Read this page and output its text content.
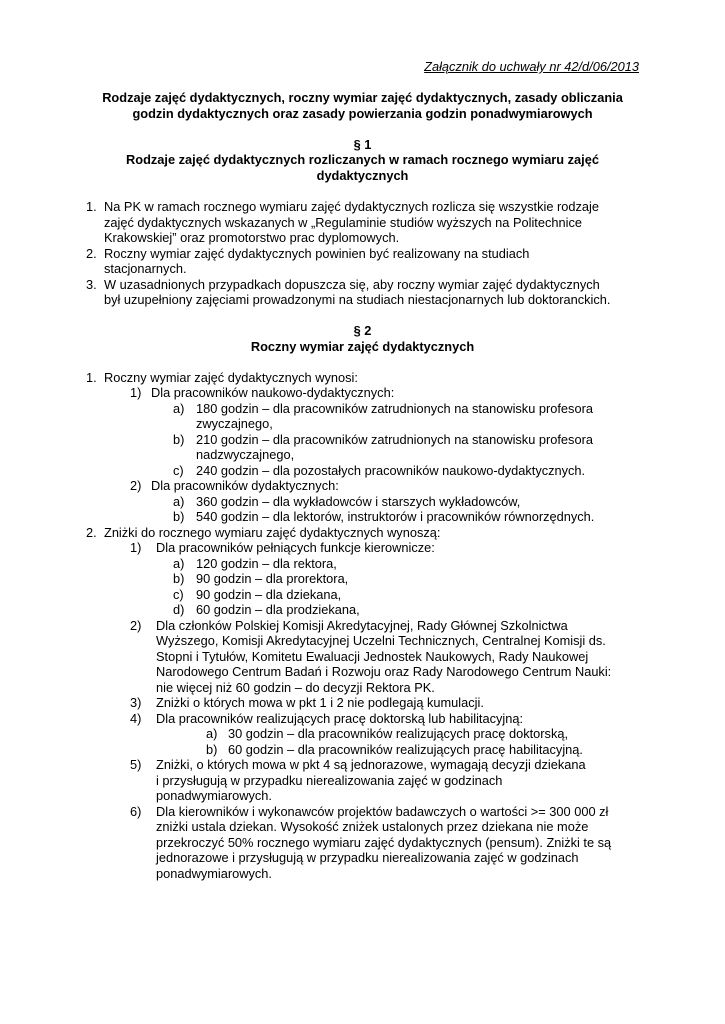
Załącznik do uchwały nr 42/d/06/2013
Rodzaje zajęć dydaktycznych, roczny wymiar zajęć dydaktycznych, zasady obliczania
godzin dydaktycznych oraz zasady powierzania godzin ponadwymiarowych
§ 1
Rodzaje zajęć dydaktycznych rozliczanych w ramach rocznego wymiaru zajęć
dydaktycznych
1. Na PK w ramach rocznego wymiaru zajęć dydaktycznych rozlicza się wszystkie rodzaje
zajęć dydaktycznych wskazanych w „Regulaminie studiów wyższych na Politechnice
Krakowskiej” oraz promotorstwo prac dyplomowych.
2. Roczny wymiar zajęć dydaktycznych powinien być realizowany na studiach
stacjonarnych.
3. W uzasadnionych przypadkach dopuszcza się, aby roczny wymiar zajęć dydaktycznych
był uzupełniony zajęciami prowadzonymi na studiach niestacjonarnych lub doktoranckich.
§ 2
Roczny wymiar zajęć dydaktycznych
1. Roczny wymiar zajęć dydaktycznych wynosi:
1) Dla pracowników naukowo-dydaktycznych:
a) 180 godzin – dla pracowników zatrudnionych na stanowisku profesora
zwyczajnego,
b) 210 godzin – dla pracowników zatrudnionych na stanowisku profesora
nadzwyczajnego,
c) 240 godzin – dla pozostałych pracowników naukowo-dydaktycznych.
2) Dla pracowników dydaktycznych:
a) 360 godzin – dla wykładowców i starszych wykładowców,
b) 540 godzin – dla lektorów, instruktorów i pracowników równorzędnych.
2. Zniżki do rocznego wymiaru zajęć dydaktycznych wynoszą:
1) Dla pracowników pełniących funkcje kierownicze:
a) 120 godzin – dla rektora,
b) 90 godzin – dla prorektora,
c) 90 godzin – dla dziekana,
d) 60 godzin – dla prodziekana,
2) Dla członków Polskiej Komisji Akredytacyjnej, Rady Głównej Szkolnictwa
Wyższego, Komisji Akredytacyjnej Uczelni Technicznych, Centralnej Komisji ds.
Stopni i Tytułów, Komitetu Ewaluacji Jednostek Naukowych, Rady Naukowej
Narodowego Centrum Badań i Rozwoju oraz Rady Narodowego Centrum Nauki:
nie więcej niż 60 godzin – do decyzji Rektora PK.
3) Zniżki o których mowa w pkt 1 i 2 nie podlegają kumulacji.
4) Dla pracowników realizujących pracę doktorską lub habilitacyjną:
a) 30 godzin – dla pracowników realizujących pracę doktorską,
b) 60 godzin – dla pracowników realizujących pracę habilitacyjną.
5) Zniżki, o których mowa w pkt 4 są jednorazowe, wymagają decyzji dziekana
i przysługują w przypadku nierealizowania zajęć w godzinach
ponadwymiarowych.
6) Dla kierowników i wykonawców projektów badawczych o wartości >= 300 000 zł
zniżki ustala dziekan. Wysokość zniżek ustalonych przez dziekana nie może
przekroczyć 50% rocznego wymiaru zajęć dydaktycznych (pensum). Zniżki te są
jednorazowe i przysługują w przypadku nierealizowania zajęć w godzinach
ponadwymiarowych.
